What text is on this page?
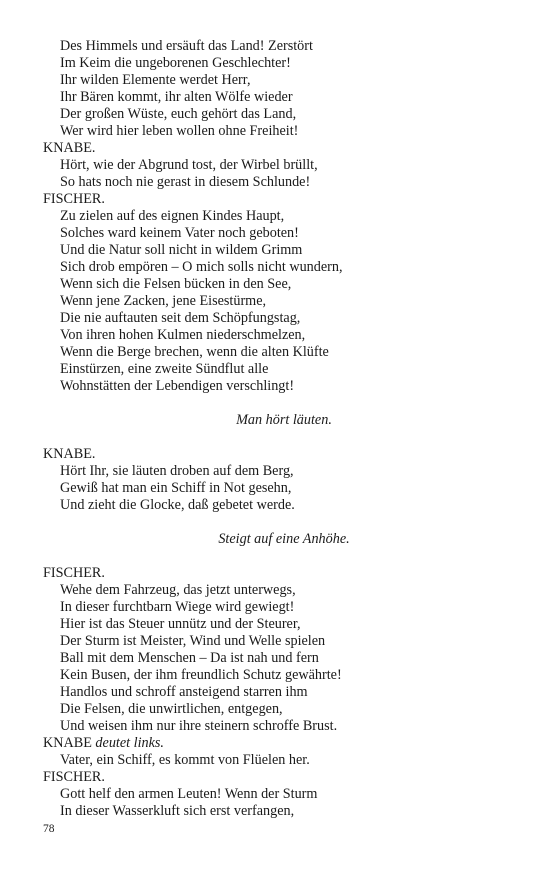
Des Himmels und ersäuft das Land! Zerstört
Im Keim die ungeborenen Geschlechter!
Ihr wilden Elemente werdet Herr,
Ihr Bären kommt, ihr alten Wölfe wieder
Der großen Wüste, euch gehört das Land,
Wer wird hier leben wollen ohne Freiheit!
KNABE.
Hört, wie der Abgrund tost, der Wirbel brüllt,
So hats noch nie gerast in diesem Schlunde!
FISCHER.
Zu zielen auf des eignen Kindes Haupt,
Solches ward keinem Vater noch geboten!
Und die Natur soll nicht in wildem Grimm
Sich drob empören – O mich solls nicht wundern,
Wenn sich die Felsen bücken in den See,
Wenn jene Zacken, jene Eisestürme,
Die nie auftauten seit dem Schöpfungstag,
Von ihren hohen Kulmen niederschmelzen,
Wenn die Berge brechen, wenn die alten Klüfte
Einstürzen, eine zweite Sündflut alle
Wohnstätten der Lebendigen verschlingt!
Man hört läuten.
KNABE.
Hört Ihr, sie läuten droben auf dem Berg,
Gewiß hat man ein Schiff in Not gesehn,
Und zieht die Glocke, daß gebetet werde.
Steigt auf eine Anhöhe.
FISCHER.
Wehe dem Fahrzeug, das jetzt unterwegs,
In dieser furchtbarn Wiege wird gewiegt!
Hier ist das Steuer unnütz und der Steurer,
Der Sturm ist Meister, Wind und Welle spielen
Ball mit dem Menschen – Da ist nah und fern
Kein Busen, der ihm freundlich Schutz gewährte!
Handlos und schroff ansteigend starren ihm
Die Felsen, die unwirtlichen, entgegen,
Und weisen ihm nur ihre steinern schroffe Brust.
KNABE deutet links.
Vater, ein Schiff, es kommt von Flüelen her.
FISCHER.
Gott helf den armen Leuten! Wenn der Sturm
In dieser Wasserkluft sich erst verfangen,
78
